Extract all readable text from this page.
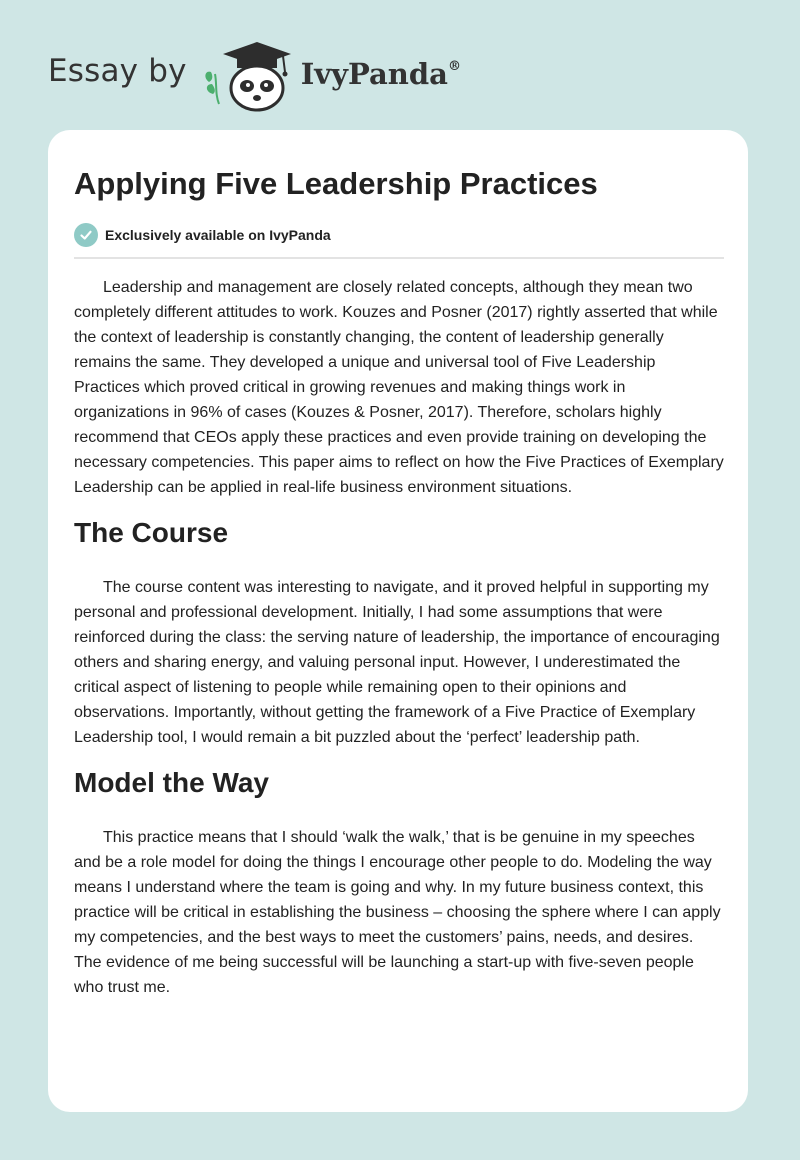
Essay by	IvyPanda®
Applying Five Leadership Practices
Exclusively available on IvyPanda

Leadership and management are closely related concepts, although they mean two completely different attitudes to work. Kouzes and Posner (2017) rightly asserted that while the context of leadership is constantly changing, the content of leadership generally remains the same. They developed a unique and universal tool of Five Leadership Practices which proved critical in growing revenues and making things work in organizations in 96% of cases (Kouzes & Posner, 2017). Therefore, scholars highly recommend that CEOs apply these practices and even provide training on developing the necessary competencies. This paper aims to reflect on how the Five Practices of Exemplary Leadership can be applied in real-life business environment situations.

The Course

The course content was interesting to navigate, and it proved helpful in supporting my personal and professional development. Initially, I had some assumptions that were reinforced during the class: the serving nature of leadership, the importance of encouraging others and sharing energy, and valuing personal input. However, I underestimated the critical aspect of listening to people while remaining open to their opinions and observations. Importantly, without getting the framework of a Five Practice of Exemplary Leadership tool, I would remain a bit puzzled about the ‘perfect’ leadership path.

Model the Way

This practice means that I should ‘walk the walk,’ that is be genuine in my speeches and be a role model for doing the things I encourage other people to do. Modeling the way means I understand where the team is going and why. In my future business context, this practice will be critical in establishing the business – choosing the sphere where I can apply my competencies, and the best ways to meet the customers’ pains, needs, and desires. The evidence of me being successful will be launching a start-up with five-seven people who trust me.
